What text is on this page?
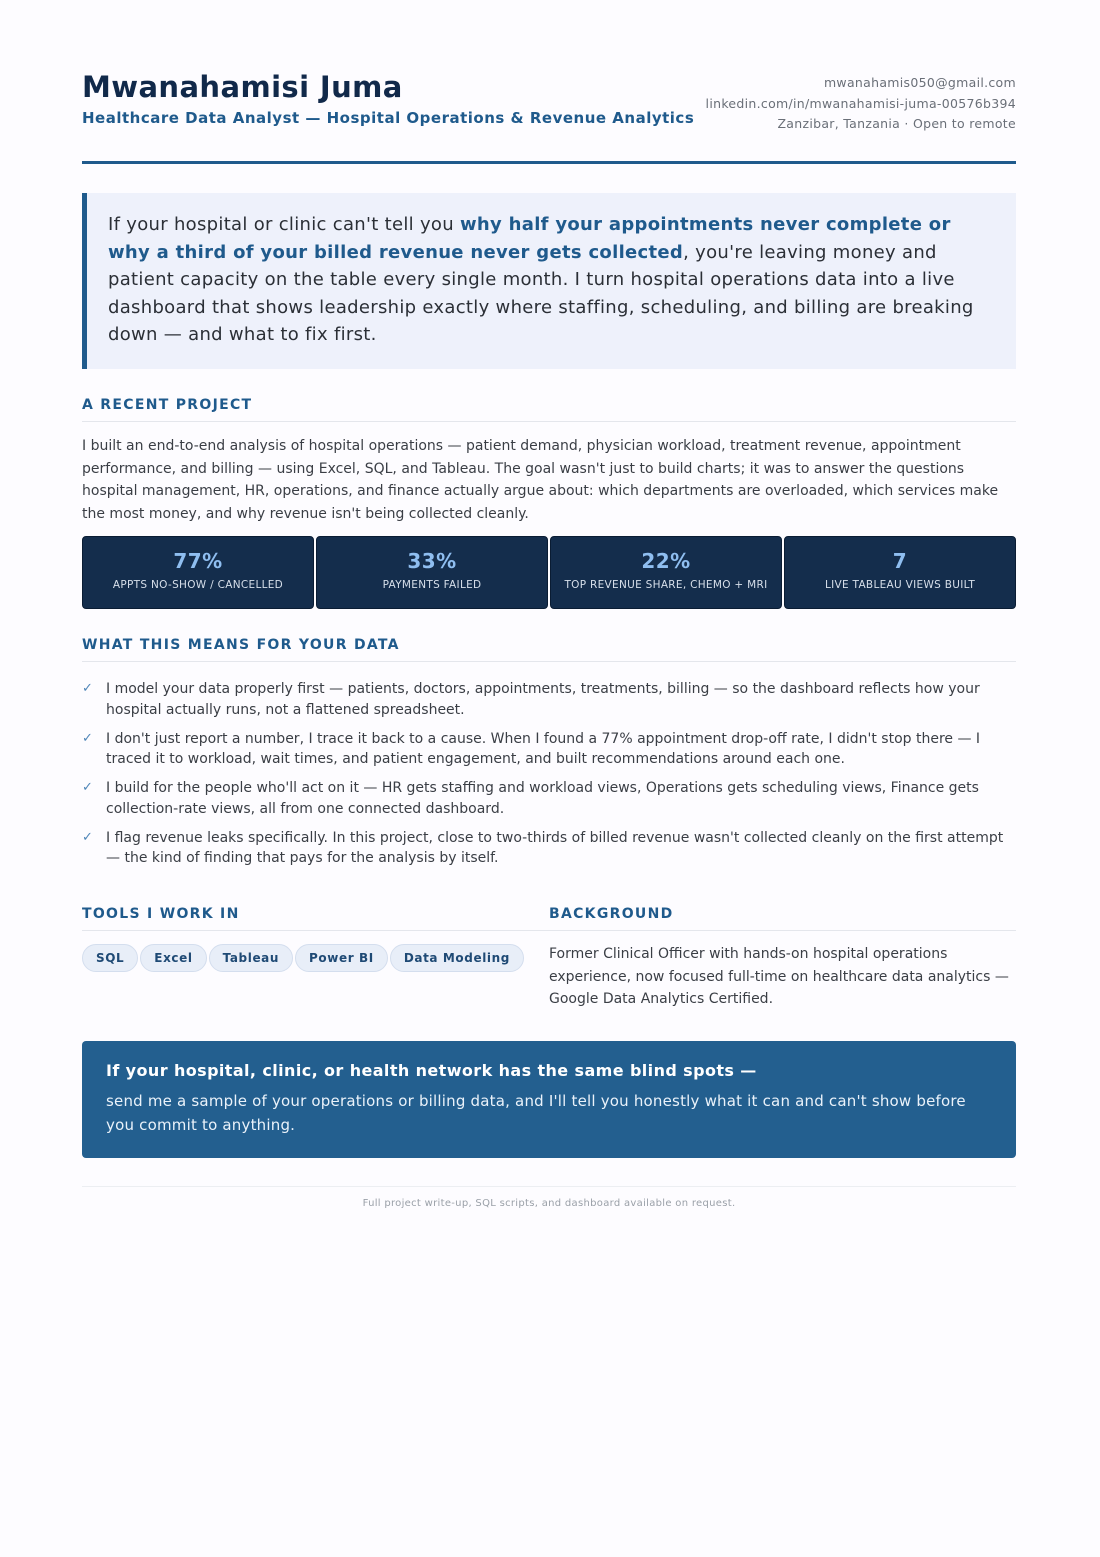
Mwanahamisi Juma
Healthcare Data Analyst — Hospital Operations & Revenue Analytics
mwanahamis050@gmail.com
linkedin.com/in/mwanahamisi-juma-00576b394
Zanzibar, Tanzania · Open to remote
If your hospital or clinic can't tell you why half your appointments never complete or why a third of your billed revenue never gets collected, you're leaving money and patient capacity on the table every single month. I turn hospital operations data into a live dashboard that shows leadership exactly where staffing, scheduling, and billing are breaking down — and what to fix first.
A RECENT PROJECT

I built an end-to-end analysis of hospital operations — patient demand, physician workload, treatment revenue, appointment performance, and billing — using Excel, SQL, and Tableau. The goal wasn't just to build charts; it was to answer the questions hospital management, HR, operations, and finance actually argue about: which departments are overloaded, which services make the most money, and why revenue isn't being collected cleanly.

77%
APPTS NO-SHOW / CANCELLED
33%
PAYMENTS FAILED
22%
TOP REVENUE SHARE, CHEMO + MRI
7
LIVE TABLEAU VIEWS BUILT
WHAT THIS MEANS FOR YOUR DATA
✓ I model your data properly first — patients, doctors, appointments, treatments, billing — so the dashboard reflects how your hospital actually runs, not a flattened spreadsheet.
✓ I don't just report a number, I trace it back to a cause. When I found a 77% appointment drop-off rate, I didn't stop there — I traced it to workload, wait times, and patient engagement, and built recommendations around each one.
✓ I build for the people who'll act on it — HR gets staffing and workload views, Operations gets scheduling views, Finance gets collection-rate views, all from one connected dashboard.
✓ I flag revenue leaks specifically. In this project, close to two-thirds of billed revenue wasn't collected cleanly on the first attempt — the kind of finding that pays for the analysis by itself.
TOOLS I WORK IN
SQL	Excel	Tableau	Power BI	Data Modeling
BACKGROUND

Former Clinical Officer with hands-on hospital operations experience, now focused full-time on healthcare data analytics — Google Data Analytics Certified.

If your hospital, clinic, or health network has the same blind spots —
send me a sample of your operations or billing data, and I'll tell you honestly what it can and can't show before you commit to anything.
Full project write-up, SQL scripts, and dashboard available on request.
